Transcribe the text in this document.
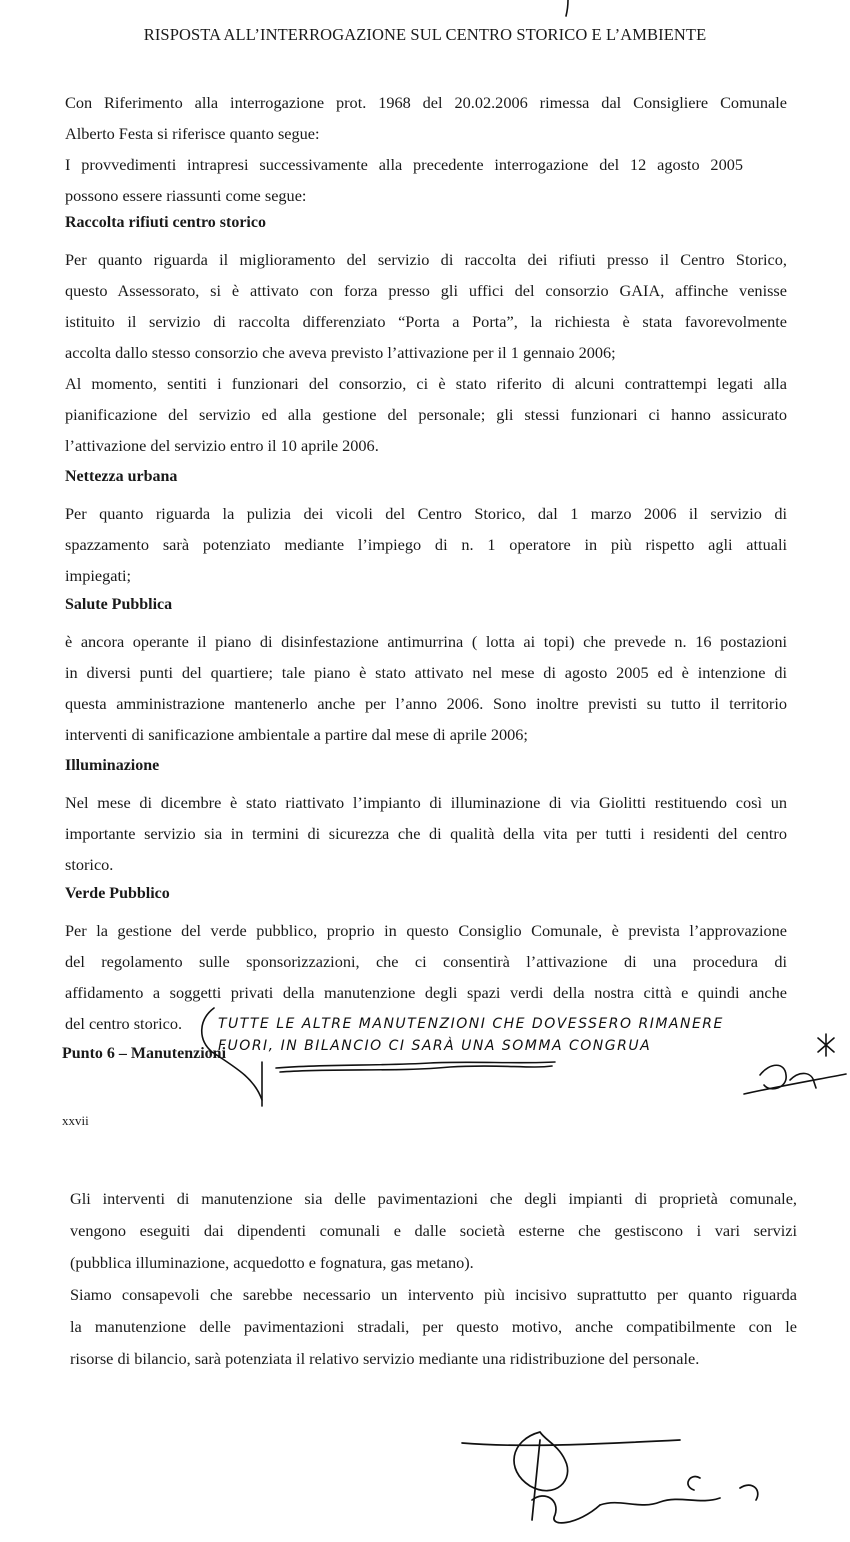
RISPOSTA ALL’INTERROGAZIONE SUL CENTRO STORICO E L’AMBIENTE
Con Riferimento alla interrogazione prot. 1968 del 20.02.2006 rimessa dal Consigliere Comunale
Alberto Festa si riferisce quanto segue:
I provvedimenti intrapresi successivamente alla precedente interrogazione del 12 agosto 2005
possono essere riassunti come segue:
Raccolta rifiuti centro storico
Per quanto riguarda il miglioramento del servizio di raccolta dei rifiuti presso il Centro Storico,
questo Assessorato, si è attivato con forza presso gli uffici del consorzio GAIA, affinche venisse
istituito il servizio di raccolta differenziato “Porta a Porta”, la richiesta è stata favorevolmente
accolta dallo stesso consorzio che aveva previsto l’attivazione per il 1 gennaio 2006;
Al momento, sentiti i funzionari del consorzio, ci è stato riferito di alcuni contrattempi legati alla
pianificazione del servizio ed alla gestione del personale; gli stessi funzionari ci hanno assicurato
l’attivazione del servizio entro il 10 aprile 2006.
Nettezza urbana
Per quanto riguarda la pulizia dei vicoli del Centro Storico, dal 1 marzo 2006 il servizio di
spazzamento sarà potenziato mediante l’impiego di n. 1 operatore in più rispetto agli attuali
impiegati;
Salute Pubblica
è ancora operante il piano di disinfestazione antimurrina ( lotta ai topi) che prevede n. 16 postazioni
in diversi punti del quartiere; tale piano è stato attivato nel mese di agosto 2005 ed è intenzione di
questa amministrazione mantenerlo anche per l’anno 2006. Sono inoltre previsti su tutto il territorio
interventi di sanificazione ambientale a partire dal mese di aprile 2006;
Illuminazione
Nel mese di dicembre è stato riattivato l’impianto di illuminazione di via Giolitti restituendo così un
importante servizio sia in termini di sicurezza che di qualità della vita per tutti i residenti del centro
storico.
Verde Pubblico
Per la gestione del verde pubblico, proprio in questo Consiglio Comunale, è prevista l’approvazione
del regolamento sulle sponsorizzazioni, che ci consentirà l’attivazione di una procedura di
affidamento a soggetti privati della manutenzione degli spazi verdi della nostra città e quindi anche
del centro storico.
Punto 6 – Manutenzioni
TUTTE LE ALTRE MANUTENZIONI CHE DOVESSERO RIMANERE
FUORI, IN BILANCIO CI SARÀ UNA SOMMA CONGRUA
xxvii
Gli interventi di manutenzione sia delle pavimentazioni che degli impianti di proprietà comunale,
vengono eseguiti dai dipendenti comunali e dalle società esterne che gestiscono i vari servizi
(pubblica illuminazione, acquedotto e fognatura, gas metano).
Siamo consapevoli che sarebbe necessario un intervento più incisivo suprattutto per quanto riguarda
la manutenzione delle pavimentazioni stradali, per questo motivo, anche compatibilmente con le
risorse di bilancio, sarà potenziata il relativo servizio mediante una ridistribuzione del personale.
